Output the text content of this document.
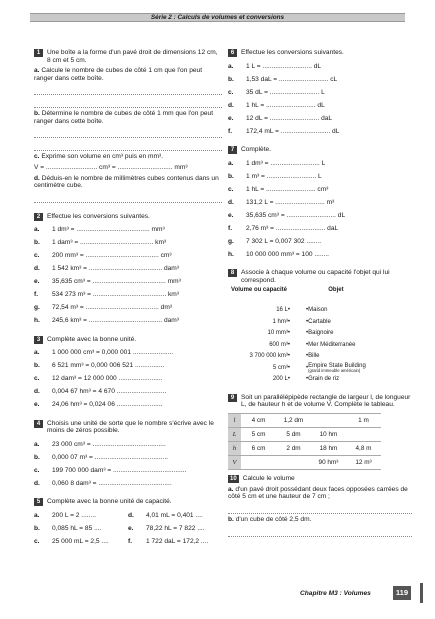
Série 2 : Calculs de volumes et conversions
1	Une boîte a la forme d'un pavé droit de dimensions 12 cm, 8 cm et 5 cm.
a. Calcule le nombre de cubes de côté 1 cm que l'on peut ranger dans cette boîte.
b. Détermine le nombre de cubes de côté 1 mm que l'on peut ranger dans cette boîte.
c. Exprime son volume en cm³ puis en mm³.
V = ............................ cm³ = .............................. mm³
d. Déduis-en le nombre de millimètres cubes contenus dans un centimètre cube.
2	Effectue les conversions suivantes.
a.	1 dm³ = ........................................ mm³
b.	1 dam³ = ........................................ km³
c.	200 mm³ = ........................................ cm³
d.	1 542 km³ = ........................................ dam³
e.	35,635 cm³ = ........................................ mm³
f.	534 273 m³ = ........................................ km³
g.	72,54 m³ = ........................................ dm³
h.	245,6 km³ = ........................................ dam³
3	Complète avec la bonne unité.
a.	1 000 000 cm³ = 0,000 001 ......................
b.	6 521 mm³ = 0,000 006 521 ................
c.	12 dam³ = 12 000 000 ........................
d.	0,004 67 hm³ = 4 670 ...........................
e.	24,06 hm³ = 0,024 06 .........................
4	Choisis une unité de sorte que le nombre s'écrive avec le moins de zéros possible.
a.	23 000 cm³ = ........................................
b.	0,000 07 m³ = ........................................
c.	199 700 000 dam³ = ........................................
d.	0,060 8 dam³ = ........................................
5	Complète avec la bonne unité de capacité.
a.	200 L = 2 ........	d.	4,01 mL = 0,401 ....
b.	0,085 hL = 85 ....	e.	78,22 hL = 7 822 ....
c.	25 000 mL = 2,5 ....	f.	1 722 daL = 172,2 ....
6	Effectue les conversions suivantes.
a.	1 L = ........................... dL
b.	1,53 daL = ........................... cL
c.	35 dL = ........................... L
d.	1 hL = ........................... dL
e.	12 dL = ........................... daL
f.	172,4 mL = ........................... dL
7	Complète.
a.	1 dm³ = ........................... L
b.	1 m³ = ........................... L
c.	1 hL = ........................... cm³
d.	131,2 L = ........................... m³
e.	35,635 cm³ = ........................... dL
f.	2,76 m³ = ........................... daL
g.	7 302 L = 0,007 302 ........
h.	10 000 000 mm³ = 100 ........
8	Associe à chaque volume ou capacité l'objet qui lui correspond.
Volume ou capacité
16 L •
1 hm³ •
10 mm³ •
600 m³ •
3 700 000 km³ •
5 cm³ •
200 L •
Objet
• Maison
• Cartable
• Baignoire
• Mer Méditerranée
• Bille
• Empire State Building
(grand immeuble américain)
• Grain de riz
9	Soit un parallélépipède rectangle de largeur l, de longueur L, de hauteur h et de volume V. Complète le tableau.
l	4 cm	1,2 dm		1 m
L	5 cm	5 dm	10 hm	
h	6 cm	2 dm	18 hm	4,8 m
V			90 hm³	12 m³
10 Calcule le volume
a. d'un pavé droit possédant deux faces opposées carrées de côté 5 cm et une hauteur de 7 cm ;
b. d'un cube de côté 2,5 dm.
Chapitre M3 : Volumes	119
